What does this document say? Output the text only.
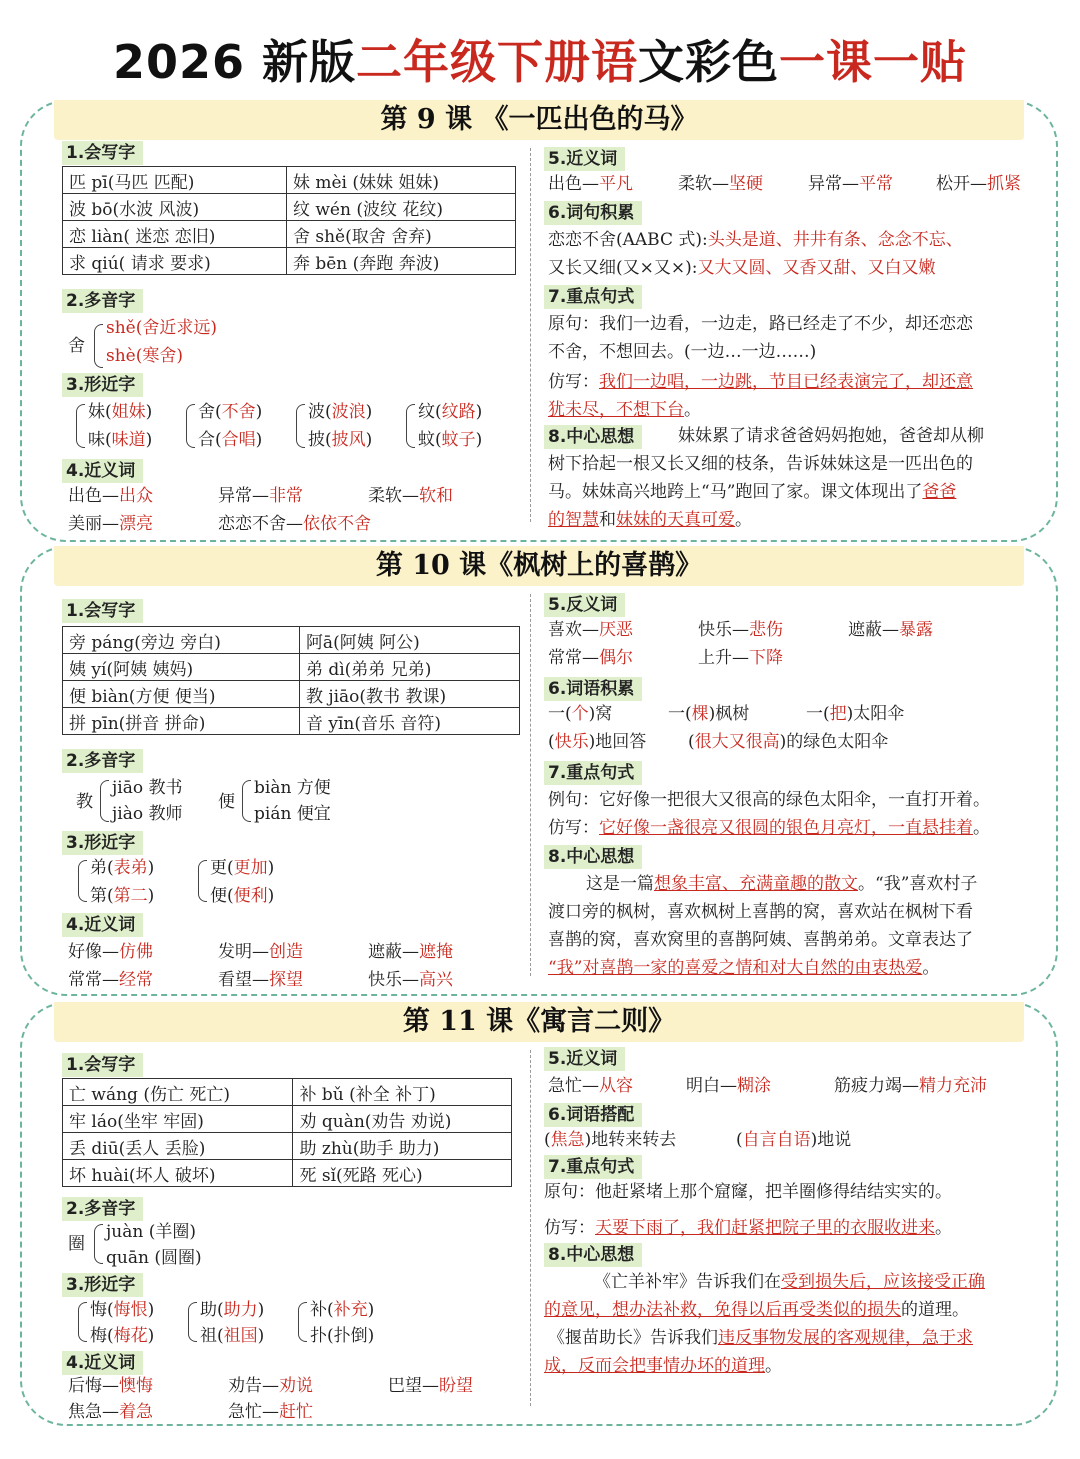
2026 新版二年级下册语文彩色一课一贴
第 9 课 《一匹出色的马》
1.会写字
匹 pī(马匹 匹配)	妹 mèi (妹妹 姐妹)
波 bō(水波 风波)	纹 wén (波纹 花纹)
恋 liàn( 迷恋 恋旧)	舍 shě(取舍 舍弃)
求 qiú( 请求 要求)	奔 bēn (奔跑 奔波)
2.多音字
舍
shě(舍近求远)
shè(寒舍)
3.形近字
妹(姐妹)
味(味道)
舍(不舍)
合(合唱)
波(波浪)
披(披风)
纹(纹路)
蚊(蚊子)
4.近义词
出色—出众	异常—非常	柔软—软和
美丽—漂亮	恋恋不舍—依依不舍
5.近义词
出色—平凡	柔软—坚硬	异常—平常	松开—抓紧
6.词句积累
恋恋不舍(AABC 式):头头是道、井井有条、念念不忘、
又长又细(又×又×):又大又圆、又香又甜、又白又嫩
7.重点句式
原句：我们一边看，一边走，路已经走了不少，却还恋恋
不舍，不想回去。(一边…一边……)
仿写：我们一边唱，一边跳，节目已经表演完了，却还意
犹未尽，不想下台。
8.中心思想	妹妹累了请求爸爸妈妈抱她，爸爸却从柳
树下拾起一根又长又细的枝条，告诉妹妹这是一匹出色的
马。妹妹高兴地跨上“马”跑回了家。课文体现出了爸爸
的智慧和妹妹的天真可爱。
第 10 课《枫树上的喜鹊》
1.会写字
旁 páng(旁边 旁白)	阿ā(阿姨 阿公)
姨 yí(阿姨 姨妈)	弟 dì(弟弟 兄弟)
便 biàn(方便 便当)	教 jiāo(教书 教课)
拼 pīn(拼音 拼命)	音 yīn(音乐 音符)
2.多音字
教
jiāo 教书
jiào 教师
便
biàn 方便
pián 便宜
3.形近字
弟(表弟)
第(第二)
更(更加)
便(便利)
4.近义词
好像—仿佛	发明—创造	遮蔽—遮掩
常常—经常	看望—探望	快乐—高兴
5.反义词
喜欢—厌恶	快乐—悲伤	遮蔽—暴露
常常—偶尔	上升—下降
6.词语积累
一(个)窝	一(棵)枫树	一(把)太阳伞
(快乐)地回答 (很大又很高)的绿色太阳伞
7.重点句式
例句：它好像一把很大又很高的绿色太阳伞，一直打开着。
仿写：它好像一盏很亮又很圆的银色月亮灯，一直悬挂着。
8.中心思想
这是一篇想象丰富、充满童趣的散文。“我”喜欢村子
渡口旁的枫树，喜欢枫树上喜鹊的窝，喜欢站在枫树下看
喜鹊的窝，喜欢窝里的喜鹊阿姨、喜鹊弟弟。文章表达了
“我”对喜鹊一家的喜爱之情和对大自然的由衷热爱。
第 11 课《寓言二则》
1.会写字
亡 wáng (伤亡 死亡)	补 bǔ (补全 补丁)
牢 láo(坐牢 牢固)	劝 quàn(劝告 劝说)
丢 diū(丢人 丢脸)	助 zhù(助手 助力)
坏 huài(坏人 破坏)	死 sǐ(死路 死心)
2.多音字
圈
juàn (羊圈)
quān (圆圈)
3.形近字
悔(悔恨)
梅(梅花)
助(助力)
祖(祖国)
补(补充)
扑(扑倒)
4.近义词
后悔—懊悔	劝告—劝说	巴望—盼望
焦急—着急	急忙—赶忙
5.近义词
急忙—从容	明白—糊涂	筋疲力竭—精力充沛
6.词语搭配
(焦急)地转来转去	(自言自语)地说
7.重点句式
原句：他赶紧堵上那个窟窿，把羊圈修得结结实实的。
仿写：天要下雨了，我们赶紧把院子里的衣服收进来。
8.中心思想
《亡羊补牢》告诉我们在受到损失后，应该接受正确
的意见，想办法补救，免得以后再受类似的损失的道理。
《揠苗助长》告诉我们违反事物发展的客观规律，急于求
成，反而会把事情办坏的道理。
